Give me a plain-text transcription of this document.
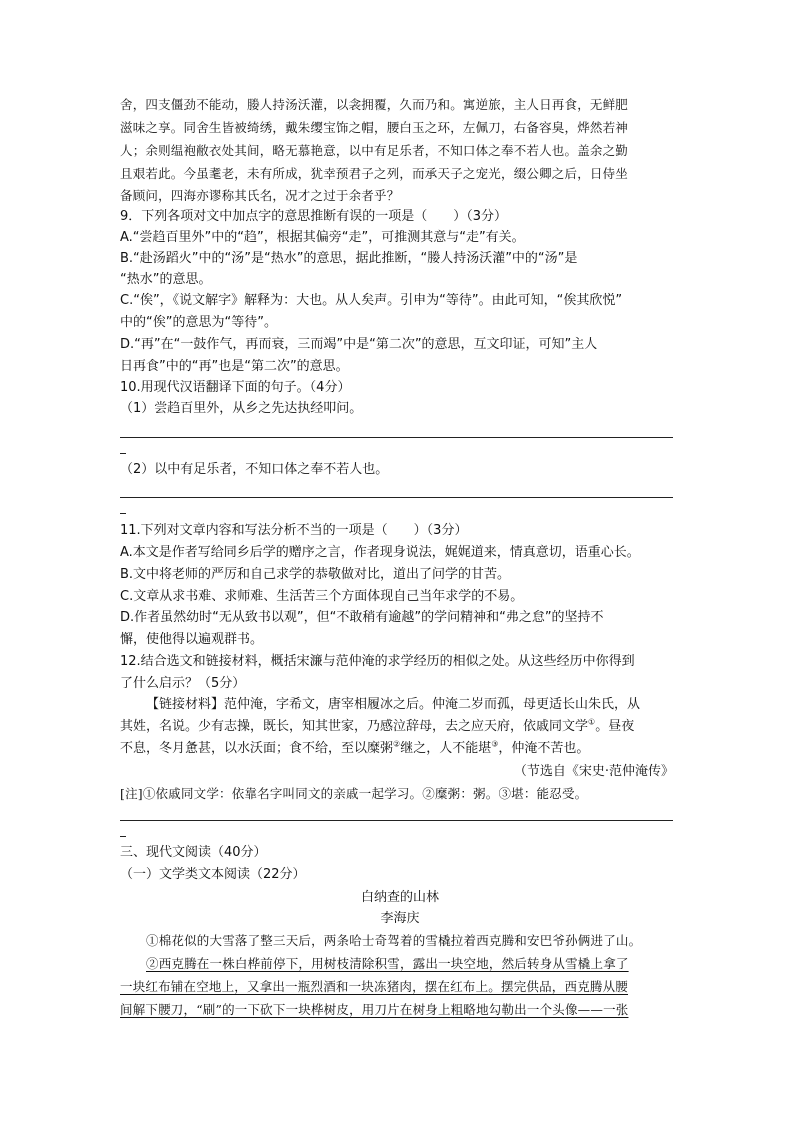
舍，四支僵劲不能动，媵人持汤沃灌，以衾拥覆，久而乃和。寓逆旅，主人日再食，无鲜肥
滋味之享。同舍生皆被绮绣，戴朱缨宝饰之帽，腰白玉之环，左佩刀，右备容臭，烨然若神
人；余则缊袍敝衣处其间，略无慕艳意，以中有足乐者，不知口体之奉不若人也。盖余之勤
且艰若此。今虽耄老，未有所成，犹幸预君子之列，而承天子之宠光，缀公卿之后，日侍坐
备顾问，四海亦谬称其氏名，况才之过于余者乎？
9．下列各项对文中加点字的意思推断有误的一项是（　　）（3分）
A.“尝趋百里外”中的“趋”，根据其偏旁“走”，可推测其意与“走”有关。
B.“赴汤蹈火”中的“汤”是“热水”的意思，据此推断，“媵人持汤沃灌”中的“汤”是
“热水”的意思。
C.“俟”，《说文解字》解释为：大也。从人矣声。引申为“等待”。由此可知，“俟其欣悦”
中的“俟”的意思为“等待”。
D.“再”在“一鼓作气，再而衰，三而竭”中是“第二次”的意思，互文印证，可知”主人
日再食”中的“再”也是“第二次”的意思。
10.用现代汉语翻译下面的句子。（4分）
（1）尝趋百里外，从乡之先达执经叩问。
（2）以中有足乐者，不知口体之奉不若人也。
11.下列对文章内容和写法分析不当的一项是（　　）（3分）
A.本文是作者写给同乡后学的赠序之言，作者现身说法，娓娓道来，情真意切，语重心长。
B.文中将老师的严厉和自己求学的恭敬做对比，道出了问学的甘苦。
C.文章从求书难、求师难、生活苦三个方面体现自己当年求学的不易。
D.作者虽然幼时“无从致书以观”，但“不敢稍有逾越”的学问精神和“弗之怠”的坚持不
懈，使他得以遍观群书。
12.结合选文和链接材料，概括宋濂与范仲淹的求学经历的相似之处。从这些经历中你得到
了什么启示？（5分）
【链接材料】范仲淹，字希文，唐宰相履冰之后。仲淹二岁而孤，母更适长山朱氏，从
其姓，名说。少有志操，既长，知其世家，乃感泣辞母，去之应天府，依戚同文学①。昼夜
不息，冬月惫甚，以水沃面；食不给，至以糜粥②继之，人不能堪③，仲淹不苦也。
（节选自《宋史·范仲淹传》
[注]①依戚同文学：依靠名字叫同文的亲戚一起学习。②糜粥：粥。③堪：能忍受。
三、现代文阅读（40分）
（一）文学类文本阅读（22分）
白纳查的山林
李海庆
①棉花似的大雪落了整三天后，两条哈士奇驾着的雪橇拉着西克腾和安巴爷孙俩进了山。
②西克腾在一株白桦前停下，用树枝清除积雪，露出一块空地，然后转身从雪橇上拿了
一块红布铺在空地上，又拿出一瓶烈酒和一块冻猪肉，摆在红布上。摆完供品，西克腾从腰
间解下腰刀，“刷”的一下砍下一块桦树皮，用刀片在树身上粗略地勾勒出一个头像——一张
